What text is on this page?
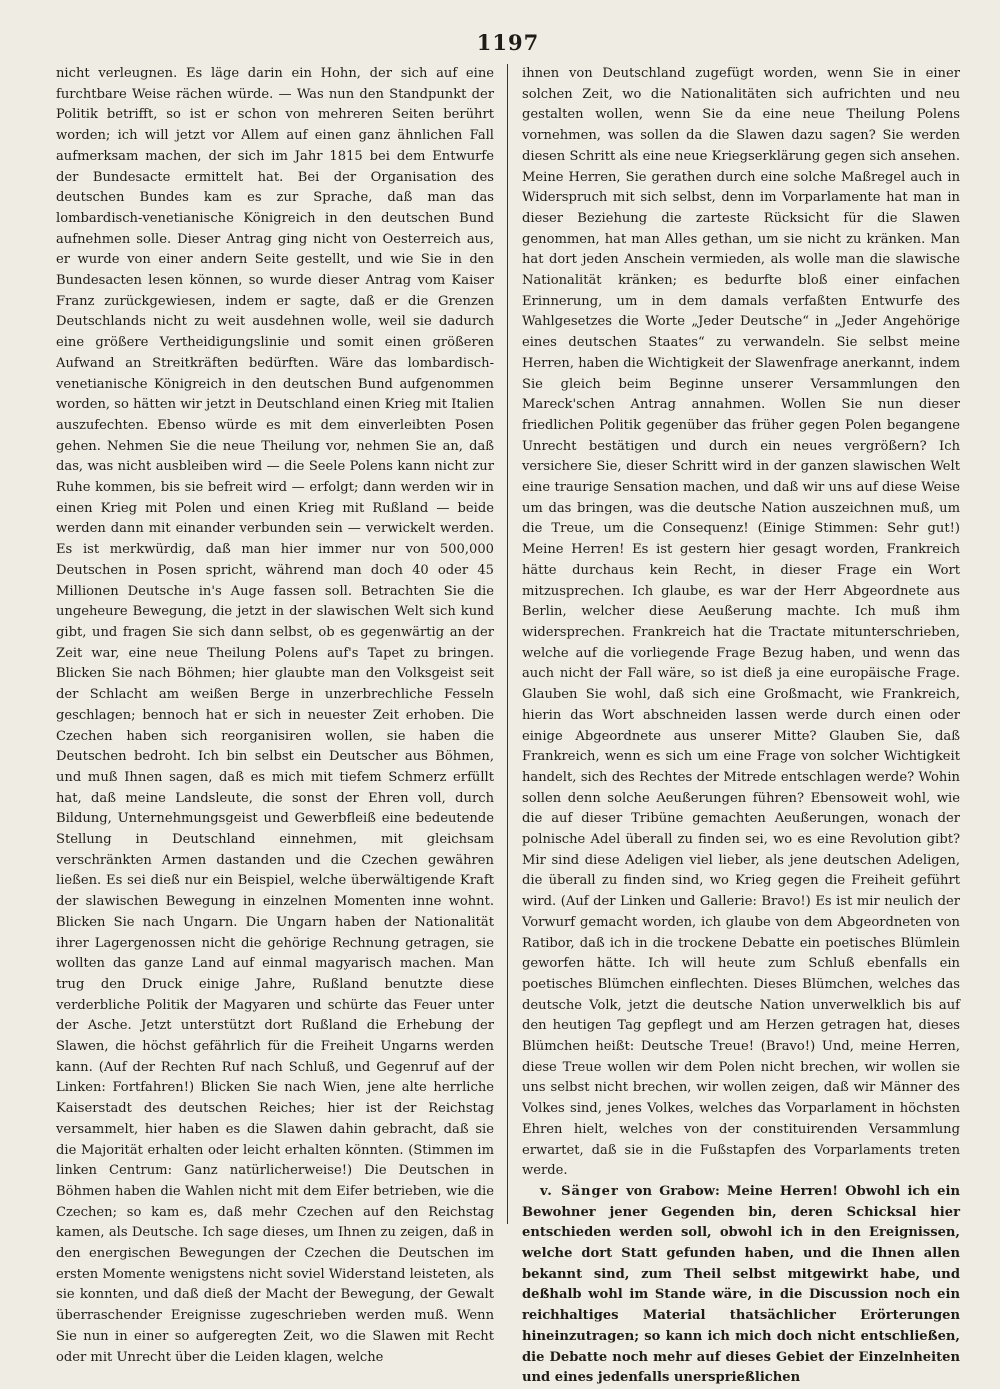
1197

nicht verleugnen. Es läge darin ein Hohn, der sich auf eine furchtbare Weise rächen würde. — Was nun den Standpunkt der Politik betrifft, so ist er schon von mehreren Seiten berührt worden; ich will jetzt vor Allem auf einen ganz ähnlichen Fall aufmerksam machen, der sich im Jahr 1815 bei dem Entwurfe der Bundesacte ermittelt hat. Bei der Organisation des deutschen Bundes kam es zur Sprache, daß man das lombardisch-venetianische Königreich in den deutschen Bund aufnehmen solle. Dieser Antrag ging nicht von Oesterreich aus, er wurde von einer andern Seite gestellt, und wie Sie in den Bundesacten lesen können, so wurde dieser Antrag vom Kaiser Franz zurückgewiesen, indem er sagte, daß er die Grenzen Deutschlands nicht zu weit ausdehnen wolle, weil sie dadurch eine größere Vertheidigungslinie und somit einen größeren Aufwand an Streitkräften bedürften. Wäre das lombardisch-venetianische Königreich in den deutschen Bund aufgenommen worden, so hätten wir jetzt in Deutschland einen Krieg mit Italien auszufechten. Ebenso würde es mit dem einverleibten Posen gehen. Nehmen Sie die neue Theilung vor, nehmen Sie an, daß das, was nicht ausbleiben wird — die Seele Polens kann nicht zur Ruhe kommen, bis sie befreit wird — erfolgt; dann werden wir in einen Krieg mit Polen und einen Krieg mit Rußland — beide werden dann mit einander verbunden sein — verwickelt werden. Es ist merkwürdig, daß man hier immer nur von 500,000 Deutschen in Posen spricht, während man doch 40 oder 45 Millionen Deutsche in's Auge fassen soll. Betrachten Sie die ungeheure Bewegung, die jetzt in der slawischen Welt sich kund gibt, und fragen Sie sich dann selbst, ob es gegenwärtig an der Zeit war, eine neue Theilung Polens auf's Tapet zu bringen. Blicken Sie nach Böhmen; hier glaubte man den Volksgeist seit der Schlacht am weißen Berge in unzerbrechliche Fesseln geschlagen; bennoch hat er sich in neuester Zeit erhoben. Die Czechen haben sich reorganisiren wollen, sie haben die Deutschen bedroht. Ich bin selbst ein Deutscher aus Böhmen, und muß Ihnen sagen, daß es mich mit tiefem Schmerz erfüllt hat, daß meine Landsleute, die sonst der Ehren voll, durch Bildung, Unternehmungsgeist und Gewerbfleiß eine bedeutende Stellung in Deutschland einnehmen, mit gleichsam verschränkten Armen dastanden und die Czechen gewähren ließen. Es sei dieß nur ein Beispiel, welche überwältigende Kraft der slawischen Bewegung in einzelnen Momenten inne wohnt. Blicken Sie nach Ungarn. Die Ungarn haben der Nationalität ihrer Lagergenossen nicht die gehörige Rechnung getragen, sie wollten das ganze Land auf einmal magyarisch machen. Man trug den Druck einige Jahre, Rußland benutzte diese verderbliche Politik der Magyaren und schürte das Feuer unter der Asche. Jetzt unterstützt dort Rußland die Erhebung der Slawen, die höchst gefährlich für die Freiheit Ungarns werden kann. (Auf der Rechten Ruf nach Schluß, und Gegenruf auf der Linken: Fortfahren!) Blicken Sie nach Wien, jene alte herrliche Kaiserstadt des deutschen Reiches; hier ist der Reichstag versammelt, hier haben es die Slawen dahin gebracht, daß sie die Majorität erhalten oder leicht erhalten könnten. (Stimmen im linken Centrum: Ganz natürlicherweise!) Die Deutschen in Böhmen haben die Wahlen nicht mit dem Eifer betrieben, wie die Czechen; so kam es, daß mehr Czechen auf den Reichstag kamen, als Deutsche. Ich sage dieses, um Ihnen zu zeigen, daß in den energischen Bewegungen der Czechen die Deutschen im ersten Momente wenigstens nicht soviel Widerstand leisteten, als sie konnten, und daß dieß der Macht der Bewegung, der Gewalt überraschender Ereignisse zugeschrieben werden muß. Wenn Sie nun in einer so aufgeregten Zeit, wo die Slawen mit Recht oder mit Unrecht über die Leiden klagen, welche

ihnen von Deutschland zugefügt worden, wenn Sie in einer solchen Zeit, wo die Nationalitäten sich aufrichten und neu gestalten wollen, wenn Sie da eine neue Theilung Polens vornehmen, was sollen da die Slawen dazu sagen? Sie werden diesen Schritt als eine neue Kriegserklärung gegen sich ansehen. Meine Herren, Sie gerathen durch eine solche Maßregel auch in Widerspruch mit sich selbst, denn im Vorparlamente hat man in dieser Beziehung die zarteste Rücksicht für die Slawen genommen, hat man Alles gethan, um sie nicht zu kränken. Man hat dort jeden Anschein vermieden, als wolle man die slawische Nationalität kränken; es bedurfte bloß einer einfachen Erinnerung, um in dem damals verfaßten Entwurfe des Wahlgesetzes die Worte „Jeder Deutsche“ in „Jeder Angehörige eines deutschen Staates“ zu verwandeln. Sie selbst meine Herren, haben die Wichtigkeit der Slawenfrage anerkannt, indem Sie gleich beim Beginne unserer Versammlungen den Mareck'schen Antrag annahmen. Wollen Sie nun dieser friedlichen Politik gegenüber das früher gegen Polen begangene Unrecht bestätigen und durch ein neues vergrößern? Ich versichere Sie, dieser Schritt wird in der ganzen slawischen Welt eine traurige Sensation machen, und daß wir uns auf diese Weise um das bringen, was die deutsche Nation auszeichnen muß, um die Treue, um die Consequenz! (Einige Stimmen: Sehr gut!) Meine Herren! Es ist gestern hier gesagt worden, Frankreich hätte durchaus kein Recht, in dieser Frage ein Wort mitzusprechen. Ich glaube, es war der Herr Abgeordnete aus Berlin, welcher diese Aeußerung machte. Ich muß ihm widersprechen. Frankreich hat die Tractate mitunterschrieben, welche auf die vorliegende Frage Bezug haben, und wenn das auch nicht der Fall wäre, so ist dieß ja eine europäische Frage. Glauben Sie wohl, daß sich eine Großmacht, wie Frankreich, hierin das Wort abschneiden lassen werde durch einen oder einige Abgeordnete aus unserer Mitte? Glauben Sie, daß Frankreich, wenn es sich um eine Frage von solcher Wichtigkeit handelt, sich des Rechtes der Mitrede entschlagen werde? Wohin sollen denn solche Aeußerungen führen? Ebensoweit wohl, wie die auf dieser Tribüne gemachten Aeußerungen, wonach der polnische Adel überall zu finden sei, wo es eine Revolution gibt? Mir sind diese Adeligen viel lieber, als jene deutschen Adeligen, die überall zu finden sind, wo Krieg gegen die Freiheit geführt wird. (Auf der Linken und Gallerie: Bravo!) Es ist mir neulich der Vorwurf gemacht worden, ich glaube von dem Abgeordneten von Ratibor, daß ich in die trockene Debatte ein poetisches Blümlein geworfen hätte. Ich will heute zum Schluß ebenfalls ein poetisches Blümchen einflechten. Dieses Blümchen, welches das deutsche Volk, jetzt die deutsche Nation unverwelklich bis auf den heutigen Tag gepflegt und am Herzen getragen hat, dieses Blümchen heißt: Deutsche Treue! (Bravo!) Und, meine Herren, diese Treue wollen wir dem Polen nicht brechen, wir wollen sie uns selbst nicht brechen, wir wollen zeigen, daß wir Männer des Volkes sind, jenes Volkes, welches das Vorparlament in höchsten Ehren hielt, welches von der constituirenden Versammlung erwartet, daß sie in die Fußstapfen des Vorparlaments treten werde.

v. Sänger von Grabow: Meine Herren! Obwohl ich ein Bewohner jener Gegenden bin, deren Schicksal hier entschieden werden soll, obwohl ich in den Ereignissen, welche dort Statt gefunden haben, und die Ihnen allen bekannt sind, zum Theil selbst mitgewirkt habe, und deßhalb wohl im Stande wäre, in die Discussion noch ein reichhaltiges Material thatsächlicher Erörterungen hineinzutragen; so kann ich mich doch nicht entschließen, die Debatte noch mehr auf dieses Gebiet der Einzelnheiten und eines jedenfalls unersprießlichen
